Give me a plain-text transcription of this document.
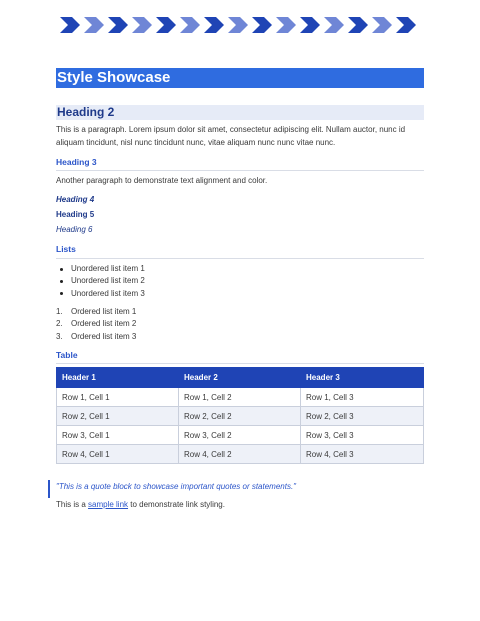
Style Showcase
Heading 2
This is a paragraph. Lorem ipsum dolor sit amet, consectetur adipiscing elit. Nullam auctor, nunc id aliquam tincidunt, nisl nunc tincidunt nunc, vitae aliquam nunc nunc vitae nunc.
Heading 3
Another paragraph to demonstrate text alignment and color.
Heading 4
Heading 5
Heading 6
Lists
Unordered list item 1
Unordered list item 2
Unordered list item 3
1. Ordered list item 1
2. Ordered list item 2
3. Ordered list item 3
Table
Header 1	Header 2	Header 3
Row 1, Cell 1	Row 1, Cell 2	Row 1, Cell 3
Row 2, Cell 1	Row 2, Cell 2	Row 2, Cell 3
Row 3, Cell 1	Row 3, Cell 2	Row 3, Cell 3
Row 4, Cell 1	Row 4, Cell 2	Row 4, Cell 3
"This is a quote block to showcase important quotes or statements."
This is a sample link to demonstrate link styling.
